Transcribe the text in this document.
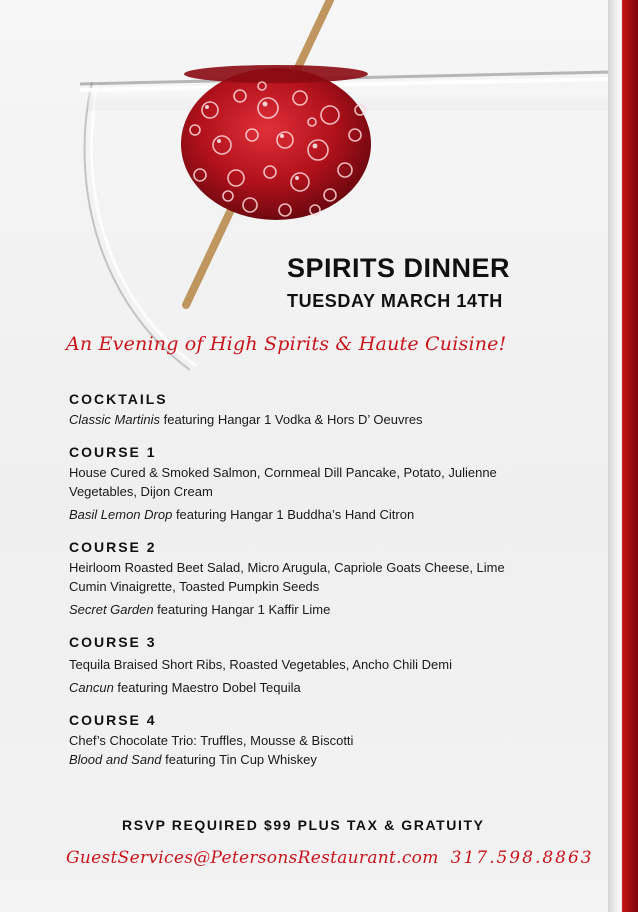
SPIRITS DINNER
TUESDAY MARCH 14TH
An Evening of High Spirits & Haute Cuisine!

COCKTAILS

Classic Martinis featuring Hangar 1 Vodka & Hors D’ Oeuvres

COURSE 1

House Cured & Smoked Salmon, Cornmeal Dill Pancake, Potato, Julienne

Vegetables, Dijon Cream

Basil Lemon Drop featuring Hangar 1 Buddha’s Hand Citron

COURSE 2

Heirloom Roasted Beet Salad, Micro Arugula, Capriole Goats Cheese, Lime

Cumin Vinaigrette, Toasted Pumpkin Seeds

Secret Garden featuring Hangar 1 Kaffir Lime

COURSE 3

Tequila Braised Short Ribs, Roasted Vegetables, Ancho Chili Demi

Cancun featuring Maestro Dobel Tequila

COURSE 4

Chef’s Chocolate Trio: Truffles, Mousse & Biscotti

Blood and Sand featuring Tin Cup Whiskey

RSVP REQUIRED $99 PLUS TAX & GRATUITY
GuestServices@PetersonsRestaurant.com 317.598.8863
